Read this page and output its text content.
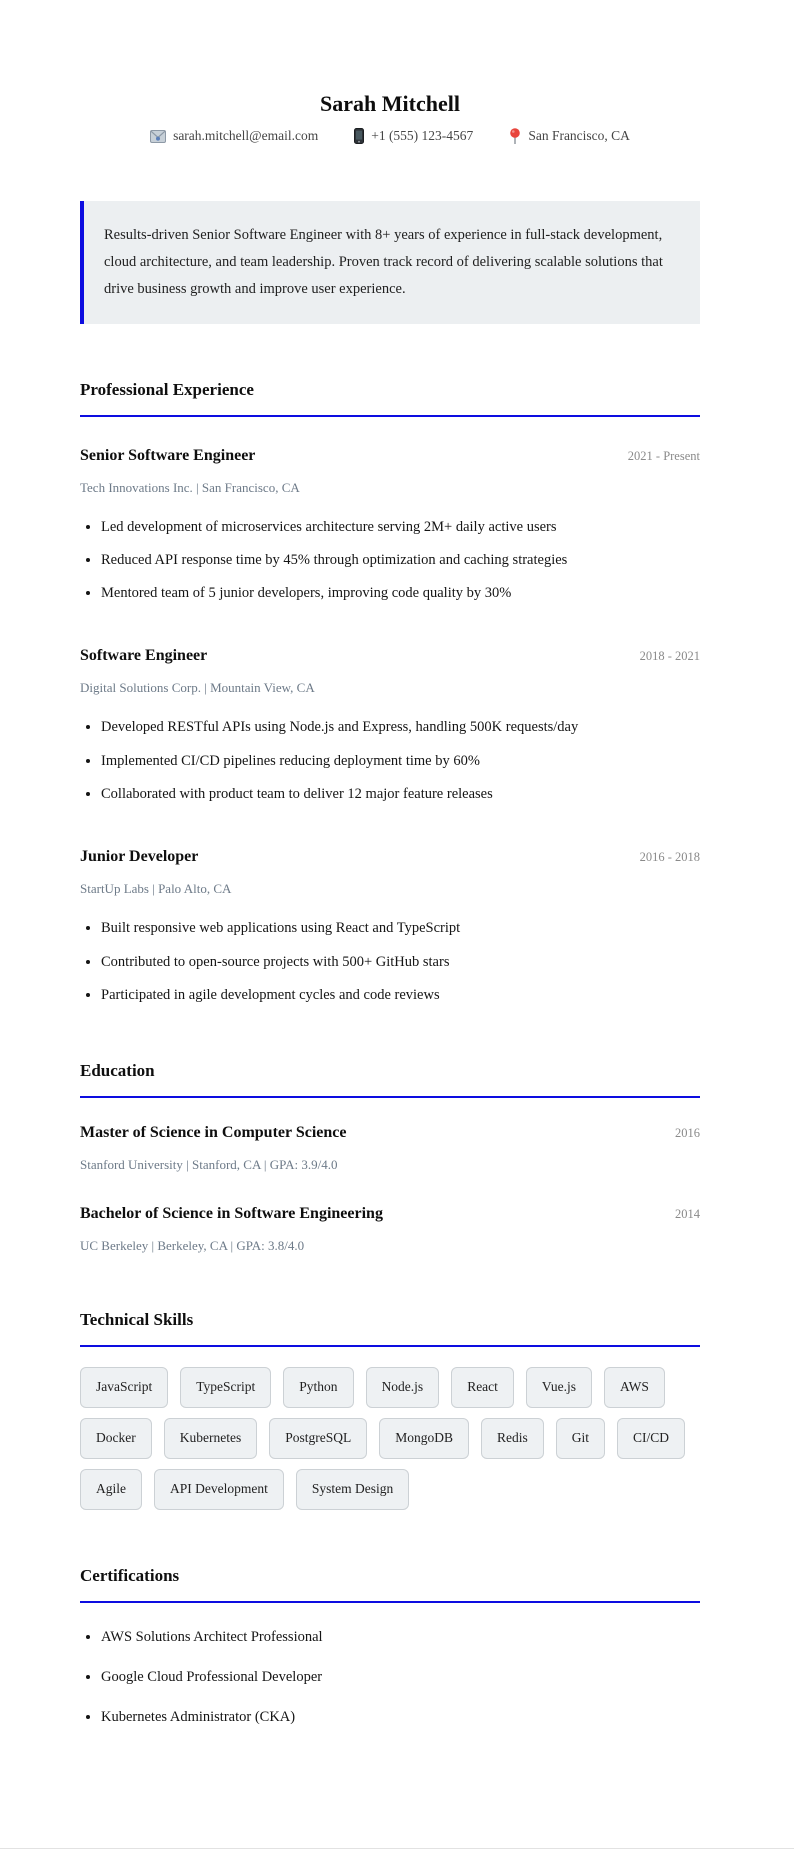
Sarah Mitchell
sarah.mitchell@email.com	+1 (555) 123-4567	San Francisco, CA

Results-driven Senior Software Engineer with 8+ years of experience in full-stack development, cloud architecture, and team leadership. Proven track record of delivering scalable solutions that drive business growth and improve user experience.

Professional Experience
Senior Software Engineer	2021 - Present
Tech Innovations Inc. | San Francisco, CA
• Led development of microservices architecture serving 2M+ daily active users
• Reduced API response time by 45% through optimization and caching strategies
• Mentored team of 5 junior developers, improving code quality by 30%
Software Engineer	2018 - 2021
Digital Solutions Corp. | Mountain View, CA
• Developed RESTful APIs using Node.js and Express, handling 500K requests/day
• Implemented CI/CD pipelines reducing deployment time by 60%
• Collaborated with product team to deliver 12 major feature releases
Junior Developer	2016 - 2018
StartUp Labs | Palo Alto, CA
• Built responsive web applications using React and TypeScript
• Contributed to open-source projects with 500+ GitHub stars
• Participated in agile development cycles and code reviews
Education
Master of Science in Computer Science	2016
Stanford University | Stanford, CA | GPA: 3.9/4.0
Bachelor of Science in Software Engineering	2014
UC Berkeley | Berkeley, CA | GPA: 3.8/4.0
Technical Skills
JavaScript	TypeScript	Python	Node.js	React	Vue.js	AWS
Docker	Kubernetes	PostgreSQL	MongoDB	Redis	Git	CI/CD
Agile	API Development	System Design
Certifications
• AWS Solutions Architect Professional
• Google Cloud Professional Developer
• Kubernetes Administrator (CKA)
